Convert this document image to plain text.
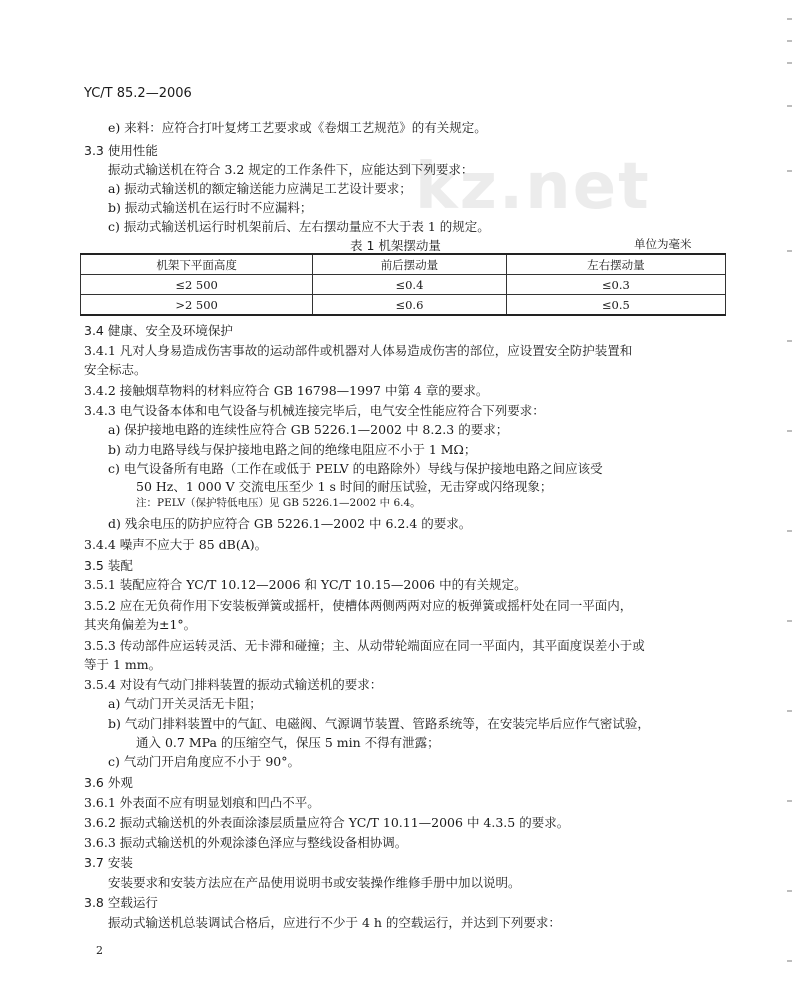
kz.net
YC/T 85.2—2006
e) 来料：应符合打叶复烤工艺要求或《卷烟工艺规范》的有关规定。
3.3 使用性能
振动式输送机在符合 3.2 规定的工作条件下，应能达到下列要求：
a) 振动式输送机的额定输送能力应满足工艺设计要求；
b) 振动式输送机在运行时不应漏料；
c) 振动式输送机运行时机架前后、左右摆动量应不大于表 1 的规定。
表 1 机架摆动量	单位为毫米
机架下平面高度	前后摆动量	左右摆动量
≤2 500	≤0.4	≤0.3
>2 500	≤0.6	≤0.5
3.4 健康、安全及环境保护
3.4.1 凡对人身易造成伤害事故的运动部件或机器对人体易造成伤害的部位，应设置安全防护装置和
安全标志。
3.4.2 接触烟草物料的材料应符合 GB 16798—1997 中第 4 章的要求。
3.4.3 电气设备本体和电气设备与机械连接完毕后，电气安全性能应符合下列要求：
a) 保护接地电路的连续性应符合 GB 5226.1—2002 中 8.2.3 的要求；
b) 动力电路导线与保护接地电路之间的绝缘电阻应不小于 1 MΩ；
c) 电气设备所有电路（工作在或低于 PELV 的电路除外）导线与保护接地电路之间应该受
50 Hz、1 000 V 交流电压至少 1 s 时间的耐压试验，无击穿或闪络现象；
注：PELV（保护特低电压）见 GB 5226.1—2002 中 6.4。
d) 残余电压的防护应符合 GB 5226.1—2002 中 6.2.4 的要求。
3.4.4 噪声不应大于 85 dB(A)。
3.5 装配
3.5.1 装配应符合 YC/T 10.12—2006 和 YC/T 10.15—2006 中的有关规定。
3.5.2 应在无负荷作用下安装板弹簧或摇杆，使槽体两侧两两对应的板弹簧或摇杆处在同一平面内，
其夹角偏差为±1°。
3.5.3 传动部件应运转灵活、无卡滞和碰撞；主、从动带轮端面应在同一平面内，其平面度误差小于或
等于 1 mm。
3.5.4 对设有气动门排料装置的振动式输送机的要求：
a) 气动门开关灵活无卡阻；
b) 气动门排料装置中的气缸、电磁阀、气源调节装置、管路系统等，在安装完毕后应作气密试验，
通入 0.7 MPa 的压缩空气，保压 5 min 不得有泄露；
c) 气动门开启角度应不小于 90°。
3.6 外观
3.6.1 外表面不应有明显划痕和凹凸不平。
3.6.2 振动式输送机的外表面涂漆层质量应符合 YC/T 10.11—2006 中 4.3.5 的要求。
3.6.3 振动式输送机的外观涂漆色泽应与整线设备相协调。
3.7 安装
安装要求和安装方法应在产品使用说明书或安装操作维修手册中加以说明。
3.8 空载运行
振动式输送机总装调试合格后，应进行不少于 4 h 的空载运行，并达到下列要求：
2
